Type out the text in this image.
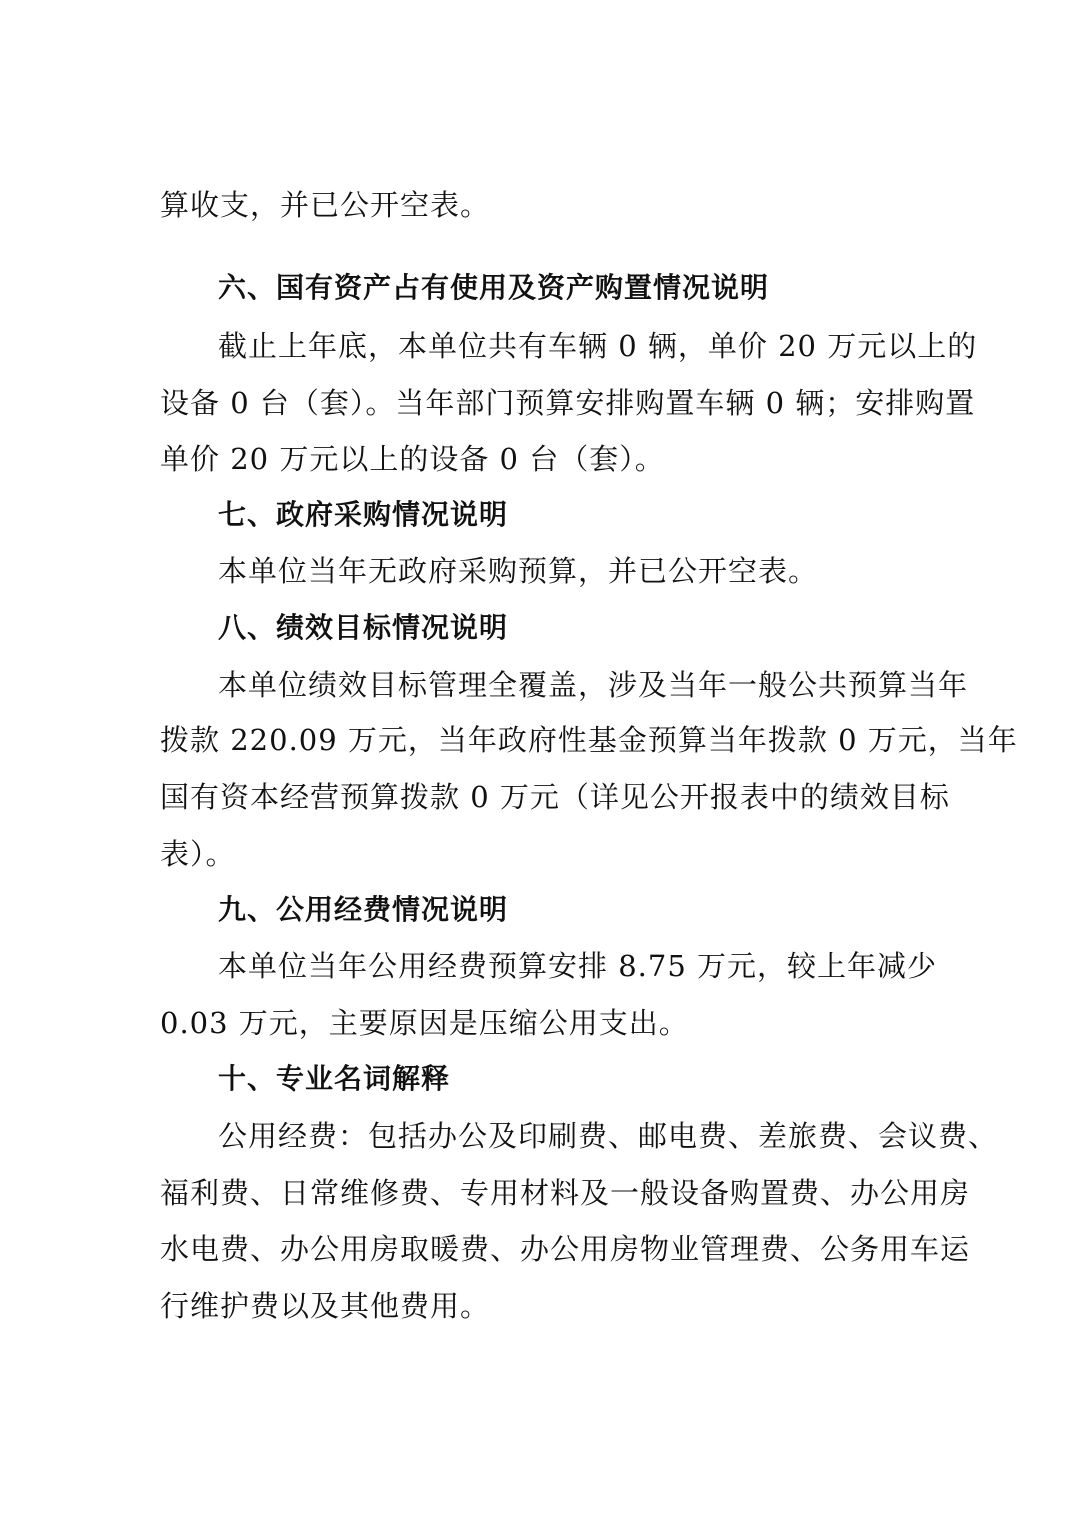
算收支，并已公开空表。
六、国有资产占有使用及资产购置情况说明
截止上年底，本单位共有车辆 0 辆，单价 20 万元以上的
设备 0 台（套）。当年部门预算安排购置车辆 0 辆；安排购置
单价 20 万元以上的设备 0 台（套）。
七、政府采购情况说明
本单位当年无政府采购预算，并已公开空表。
八、绩效目标情况说明
本单位绩效目标管理全覆盖，涉及当年一般公共预算当年
拨款 220.09 万元，当年政府性基金预算当年拨款 0 万元，当年
国有资本经营预算拨款 0 万元（详见公开报表中的绩效目标
表）。
九、公用经费情况说明
本单位当年公用经费预算安排 8.75 万元，较上年减少
0.03 万元，主要原因是压缩公用支出。
十、专业名词解释
公用经费：包括办公及印刷费、邮电费、差旅费、会议费、
福利费、日常维修费、专用材料及一般设备购置费、办公用房
水电费、办公用房取暖费、办公用房物业管理费、公务用车运
行维护费以及其他费用。
